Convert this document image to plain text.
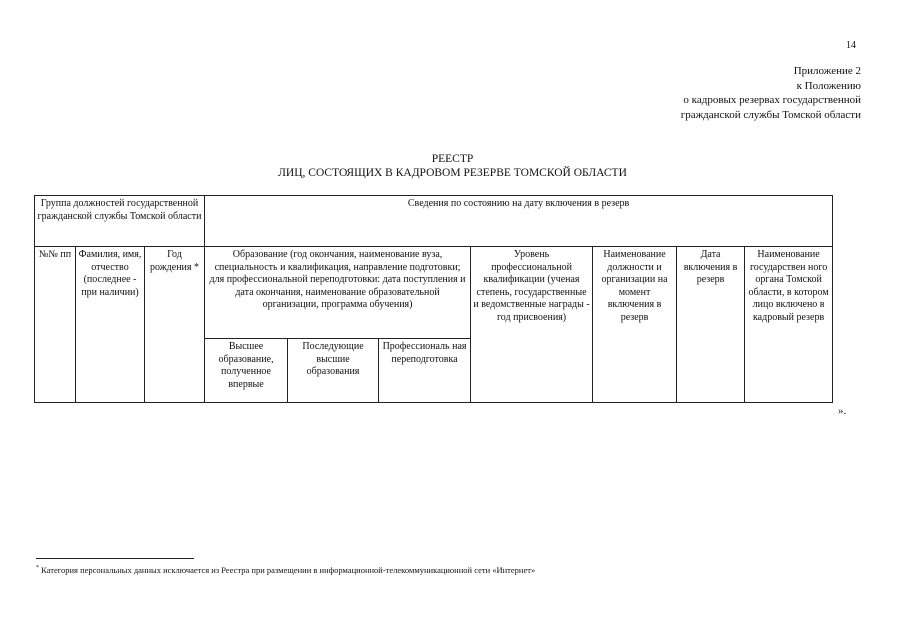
14
Приложение 2
к Положению
о кадровых резервах государственной
гражданской службы Томской области
РЕЕСТР
ЛИЦ, СОСТОЯЩИХ В КАДРОВОМ РЕЗЕРВЕ ТОМСКОЙ ОБЛАСТИ
Группа должностей государственной гражданской службы Томской области			Сведения по состоянию на дату включения в резерв						
№№ пп	Фамилия, имя, отчество (последнее - при наличии)	Год рождения *	Образование (год окончания, наименование вуза, специальность и квалификация, направление подготовки; для профессиональной переподготовки: дата поступления и дата окончания, наименование образовательной организации, программа обучения)			Уровень профессиональной квалификации (ученая степень, государственные и ведомственные награды - год присвоения)	Наименование должности и организации на момент включения в резерв	Дата включения в резерв	Наименование государствен ного органа Томской области, в котором лицо включено в кадровый резерв
			Высшее образование, полученное впервые	Последующие высшие образования	Профессиональ ная переподготовка				
».
* Категория персональных данных исключается из Реестра при размещении в информационной-телекоммуникационной сети «Интернет»
